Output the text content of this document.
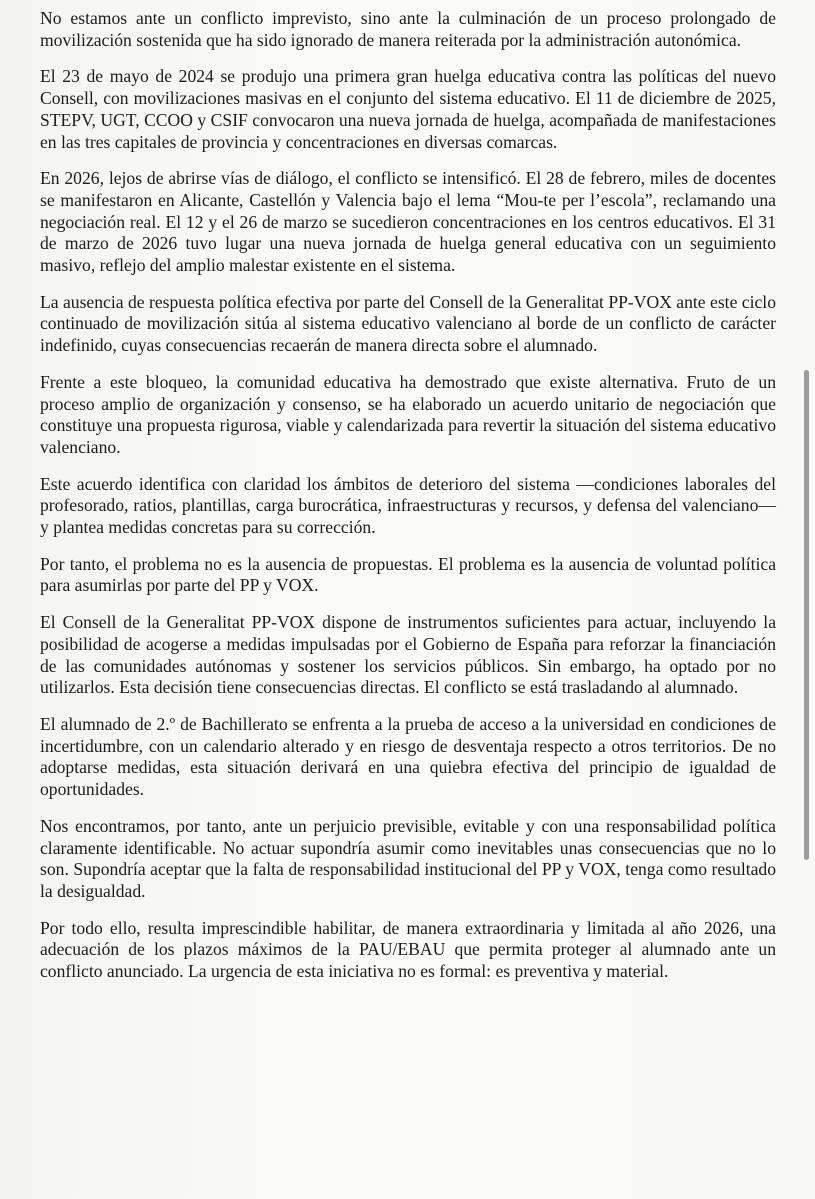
No estamos ante un conflicto imprevisto, sino ante la culminación de un proceso prolongado de movilización sostenida que ha sido ignorado de manera reiterada por la administración autonómica.

El 23 de mayo de 2024 se produjo una primera gran huelga educativa contra las políticas del nuevo Consell, con movilizaciones masivas en el conjunto del sistema educativo. El 11 de diciembre de 2025, STEPV, UGT, CCOO y CSIF convocaron una nueva jornada de huelga, acompañada de manifestaciones en las tres capitales de provincia y concentraciones en diversas comarcas.

En 2026, lejos de abrirse vías de diálogo, el conflicto se intensificó. El 28 de febrero, miles de docentes se manifestaron en Alicante, Castellón y Valencia bajo el lema “Mou-te per l’escola”, reclamando una negociación real. El 12 y el 26 de marzo se sucedieron concentraciones en los centros educativos. El 31 de marzo de 2026 tuvo lugar una nueva jornada de huelga general educativa con un seguimiento masivo, reflejo del amplio malestar existente en el sistema.

La ausencia de respuesta política efectiva por parte del Consell de la Generalitat PP-VOX ante este ciclo continuado de movilización sitúa al sistema educativo valenciano al borde de un conflicto de carácter indefinido, cuyas consecuencias recaerán de manera directa sobre el alumnado.

Frente a este bloqueo, la comunidad educativa ha demostrado que existe alternativa. Fruto de un proceso amplio de organización y consenso, se ha elaborado un acuerdo unitario de negociación que constituye una propuesta rigurosa, viable y calendarizada para revertir la situación del sistema educativo valenciano.

Este acuerdo identifica con claridad los ámbitos de deterioro del sistema —condiciones laborales del profesorado, ratios, plantillas, carga burocrática, infraestructuras y recursos, y defensa del valenciano— y plantea medidas concretas para su corrección.

Por tanto, el problema no es la ausencia de propuestas. El problema es la ausencia de voluntad política para asumirlas por parte del PP y VOX.

El Consell de la Generalitat PP-VOX dispone de instrumentos suficientes para actuar, incluyendo la posibilidad de acogerse a medidas impulsadas por el Gobierno de España para reforzar la financiación de las comunidades autónomas y sostener los servicios públicos. Sin embargo, ha optado por no utilizarlos. Esta decisión tiene consecuencias directas. El conflicto se está trasladando al alumnado.

El alumnado de 2.º de Bachillerato se enfrenta a la prueba de acceso a la universidad en condiciones de incertidumbre, con un calendario alterado y en riesgo de desventaja respecto a otros territorios. De no adoptarse medidas, esta situación derivará en una quiebra efectiva del principio de igualdad de oportunidades.

Nos encontramos, por tanto, ante un perjuicio previsible, evitable y con una responsabilidad política claramente identificable. No actuar supondría asumir como inevitables unas consecuencias que no lo son. Supondría aceptar que la falta de responsabilidad institucional del PP y VOX, tenga como resultado la desigualdad.

Por todo ello, resulta imprescindible habilitar, de manera extraordinaria y limitada al año 2026, una adecuación de los plazos máximos de la PAU/EBAU que permita proteger al alumnado ante un conflicto anunciado. La urgencia de esta iniciativa no es formal: es preventiva y material.
